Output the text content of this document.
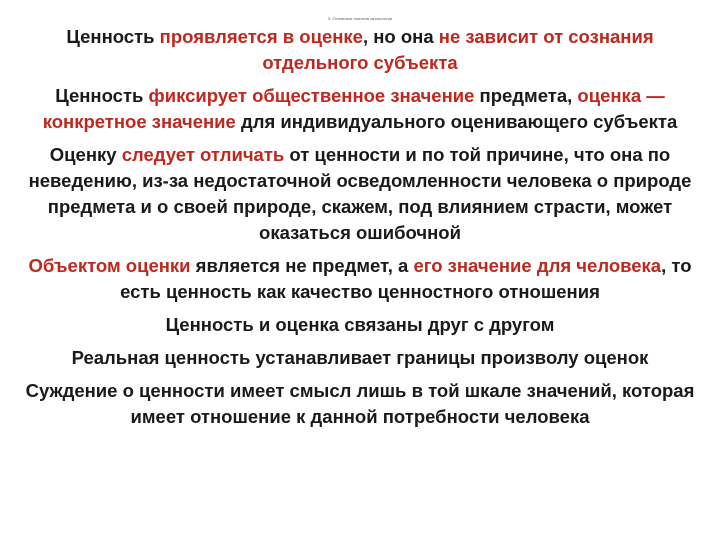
3. Основные понятия аксиологии

Ценность проявляется в оценке, но она не зависит от сознания отдельного субъекта

Ценность фиксирует общественное значение предмета, оценка — конкретное значение для индивидуального оценивающего субъекта

Оценку следует отличать от ценности и по той причине, что она по неведению, из-за недостаточной осведомленности человека о природе предмета и о своей природе, скажем, под влиянием страсти, может оказаться ошибочной

Объектом оценки является не предмет, а его значение для человека, то есть ценность как качество ценностного отношения

Ценность и оценка связаны друг с другом

Реальная ценность устанавливает границы произволу оценок

Суждение о ценности имеет смысл лишь в той шкале значений, которая имеет отношение к данной потребности человека
